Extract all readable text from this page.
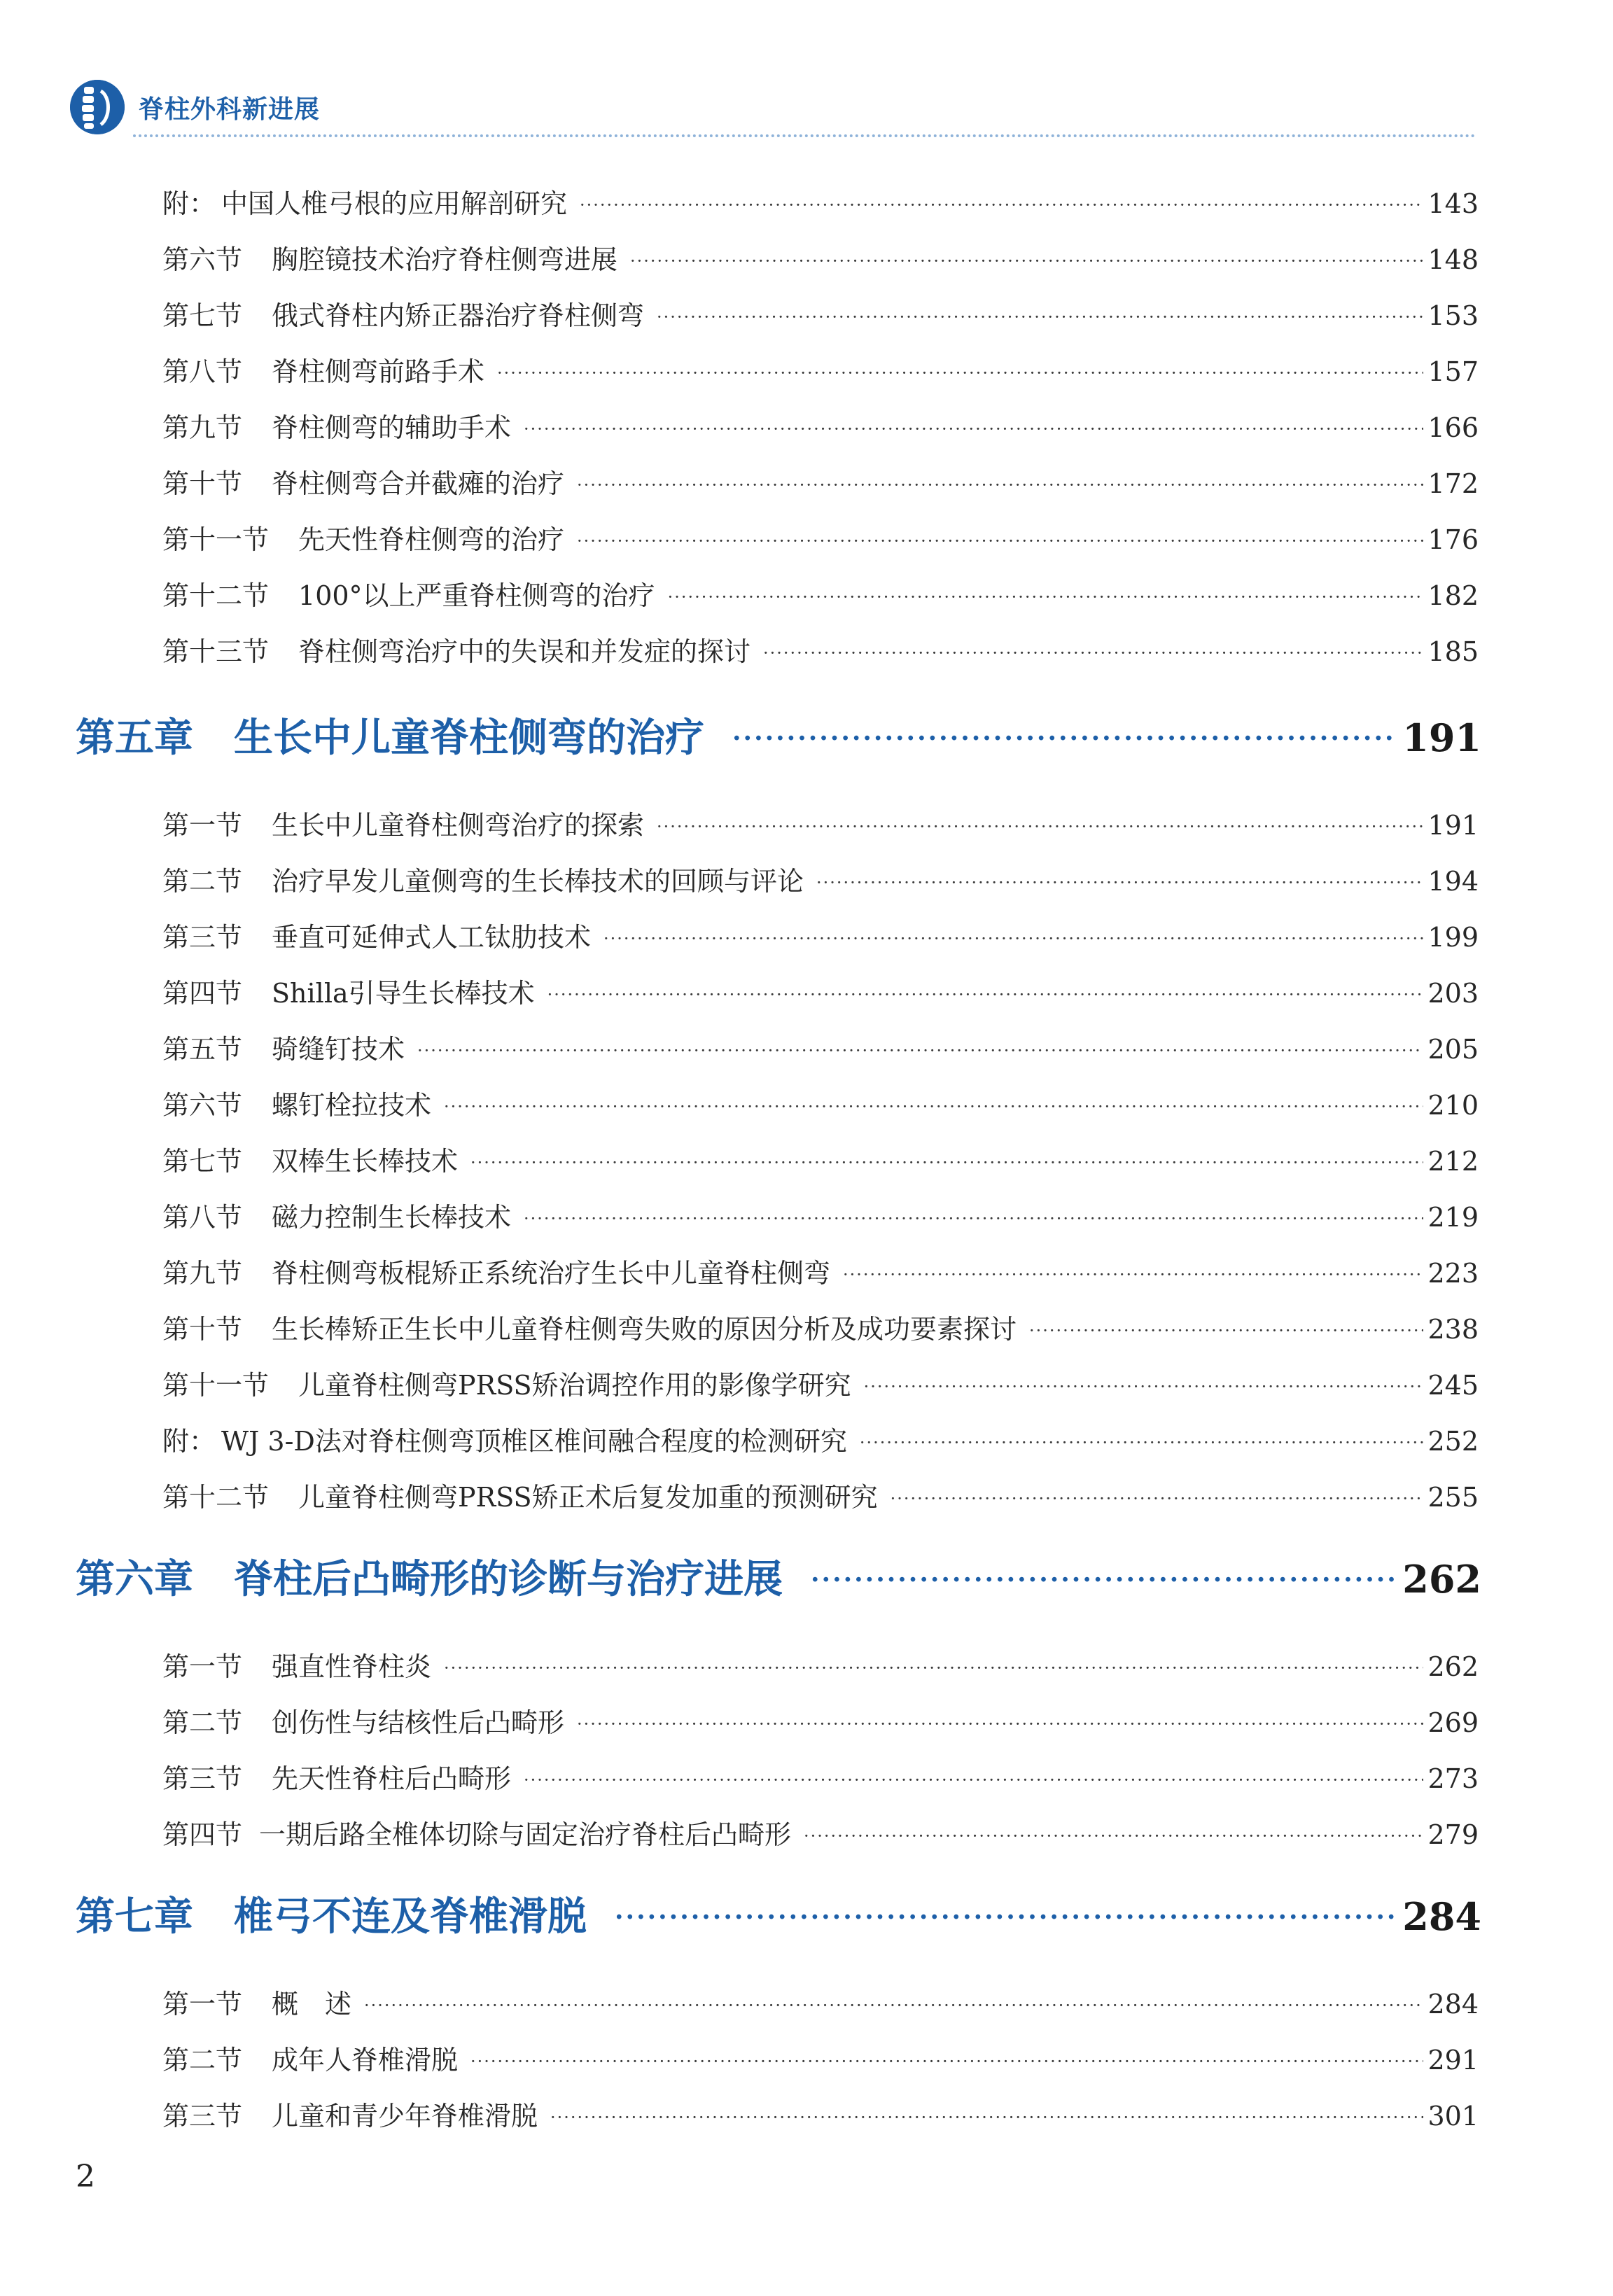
脊柱外科新进展
附： 中国人椎弓根的应用解剖研究 ·····	143
第六节 胸腔镜技术治疗脊柱侧弯进展 ·····	148
第七节 俄式脊柱内矫正器治疗脊柱侧弯 ·····	153
第八节 脊柱侧弯前路手术 ·····	157
第九节 脊柱侧弯的辅助手术 ·····	166
第十节 脊柱侧弯合并截瘫的治疗 ·····	172
第十一节 先天性脊柱侧弯的治疗 ·····	176
第十二节 100°以上严重脊柱侧弯的治疗 ·····	182
第十三节 脊柱侧弯治疗中的失误和并发症的探讨 ·····	185
第五章 生长中儿童脊柱侧弯的治疗 ·····	191
第一节 生长中儿童脊柱侧弯治疗的探索 ·····	191
第二节 治疗早发儿童侧弯的生长棒技术的回顾与评论 ·····	194
第三节 垂直可延伸式人工钛肋技术 ·····	199
第四节 Shilla引导生长棒技术 ·····	203
第五节 骑缝钉技术 ·····	205
第六节 螺钉栓拉技术 ·····	210
第七节 双棒生长棒技术 ·····	212
第八节 磁力控制生长棒技术 ·····	219
第九节 脊柱侧弯板棍矫正系统治疗生长中儿童脊柱侧弯 ·····	223
第十节 生长棒矫正生长中儿童脊柱侧弯失败的原因分析及成功要素探讨 ·····	238
第十一节 儿童脊柱侧弯PRSS矫治调控作用的影像学研究 ·····	245
附： WJ 3-D法对脊柱侧弯顶椎区椎间融合程度的检测研究 ·····	252
第十二节 儿童脊柱侧弯PRSS矫正术后复发加重的预测研究 ·····	255
第六章 脊柱后凸畸形的诊断与治疗进展 ·····	262
第一节 强直性脊柱炎 ·····	262
第二节 创伤性与结核性后凸畸形 ·····	269
第三节 先天性脊柱后凸畸形 ·····	273
第四节 一期后路全椎体切除与固定治疗脊柱后凸畸形 ·····	279
第七章 椎弓不连及脊椎滑脱 ·····	284
第一节 概　述 ·····	284
第二节 成年人脊椎滑脱 ·····	291
第三节 儿童和青少年脊椎滑脱 ·····	301
2
